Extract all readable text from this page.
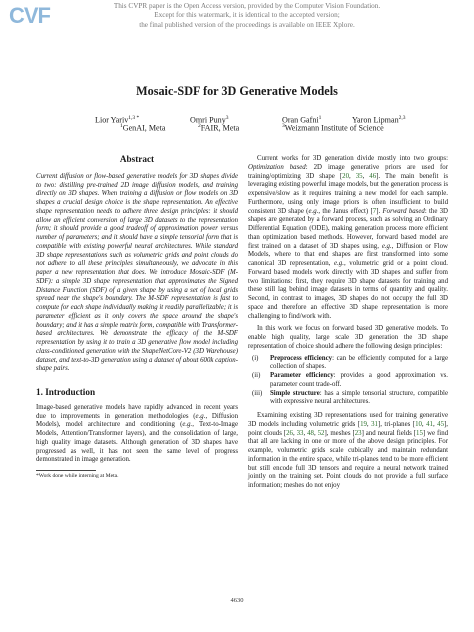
CVF	This CVPR paper is the Open Access version, provided by the Computer Vision Foundation.
Except for this watermark, it is identical to the accepted version;
the final published version of the proceedings is available on IEEE Xplore.
Mosaic-SDF for 3D Generative Models
Lior Yariv$^{1,3 *}$	Omri Puny$^3$	Oran Gafni$^1$	Yaron Lipman$^{2,3}$
$^1$GenAI, Meta	$^2$FAIR, Meta	$^3$Weizmann Institute of Science
Abstract

Current diffusion or flow-based generative models for 3D shapes divide to two: distilling pre-trained 2D image diffusion models, and training directly on 3D shapes. When training a diffusion or flow models on 3D shapes a crucial design choice is the shape representation. An effective shape representation needs to adhere three design principles: it should allow an efficient conversion of large 3D datasets to the representation form; it should provide a good tradeoff of approximation power versus number of parameters; and it should have a simple tensorial form that is compatible with existing powerful neural architectures. While standard 3D shape representations such as volumetric grids and point clouds do not adhere to all these principles simultaneously, we advocate in this paper a new representation that does. We introduce Mosaic-SDF (M-SDF): a simple 3D shape representation that approximates the Signed Distance Function (SDF) of a given shape by using a set of local grids spread near the shape's boundary. The M-SDF representation is fast to compute for each shape individually making it readily parallelizable; it is parameter efficient as it only covers the space around the shape's boundary; and it has a simple matrix form, compatible with Transformer-based architectures. We demonstrate the efficacy of the M-SDF representation by using it to train a 3D generative flow model including class-conditioned generation with the ShapeNetCore-V2 (3D Warehouse) dataset, and text-to-3D generation using a dataset of about 600k caption-shape pairs.

1. Introduction

Image-based generative models have rapidly advanced in recent years due to improvements in generation methodologies (e.g., Diffusion Models), model architecture and conditioning (e.g., Text-to-Image Models, Attention/Transformer layers), and the consolidation of large, high quality image datasets. Although generation of 3D shapes have progressed as well, it has not seen the same level of progress demonstrated in image generation.

*Work done while interning at Meta.

Current works for 3D generation divide mostly into two groups: Optimization based: 2D image generative priors are used for training/optimizing 3D shape [20, 35, 46]. The main benefit is leveraging existing powerful image models, but the generation process is expensive/slow as it requires training a new model for each sample. Furthermore, using only image priors is often insufficient to build consistent 3D shape (e.g., the Janus effect) [7]. Forward based: the 3D shapes are generated by a forward process, such as solving an Ordinary Differential Equation (ODE), making generation process more efficient than optimization based methods. However, forward based model are first trained on a dataset of 3D shapes using, e.g., Diffusion or Flow Models, where to that end shapes are first transformed into some canonical 3D representation, e.g., volumetric grid or a point cloud. Forward based models work directly with 3D shapes and suffer from two limitations: first, they require 3D shape datasets for training and these still lag behind image datasets in terms of quantity and quality. Second, in contrast to images, 3D shapes do not occupy the full 3D space and therefore an effective 3D shape representation is more challenging to find/work with.

In this work we focus on forward based 3D generative models. To enable high quality, large scale 3D generation the 3D shape representation of choice should adhere the following design principles:

(i) Preprocess efficiency: can be efficiently computed for a large collection of shapes.
(ii) Parameter efficiency: provides a good approximation vs. parameter count trade-off.
(iii) Simple structure: has a simple tensorial structure, compatible with expressive neural architectures.

Examining existing 3D representations used for training generative 3D models including volumetric grids [19, 31], tri-planes [10, 41, 45], point clouds [26, 33, 48, 52], meshes [23] and neural fields [15] we find that all are lacking in one or more of the above design principles. For example, volumetric grids scale cubically and maintain redundant information in the entire space, while tri-planes tend to be more efficient but still encode full 3D tensors and require a neural network trained jointly on the training set. Point clouds do not provide a full surface information; meshes do not enjoy

4630
